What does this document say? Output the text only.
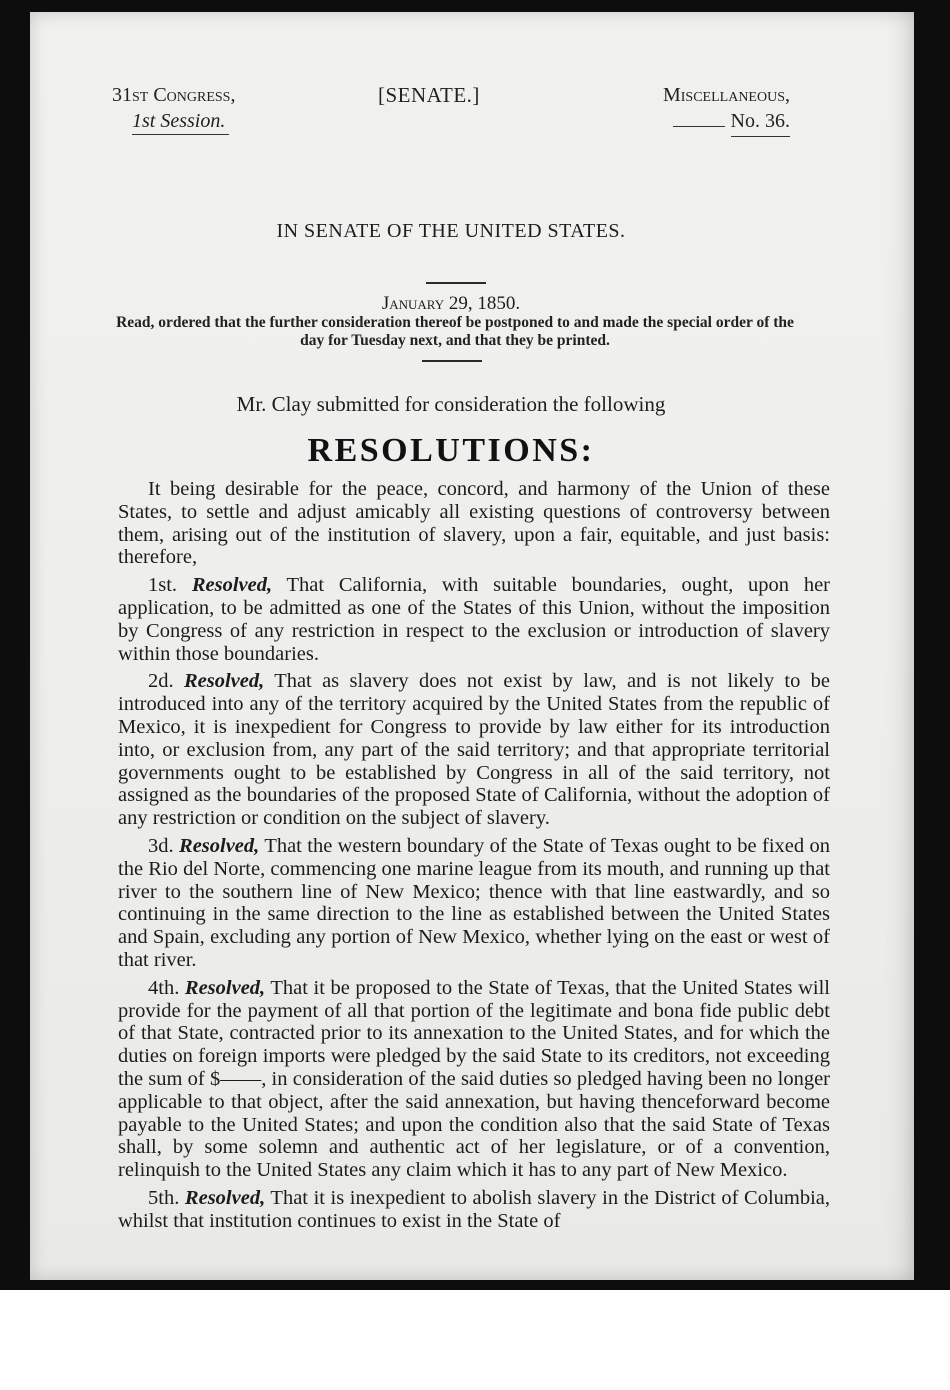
31st Congress,
1st Session.
[SENATE.]	Miscellaneous,
No. 36.
IN SENATE OF THE UNITED STATES.
January 29, 1850.
Read, ordered that the further consideration thereof be postponed to and made the special order of the day for Tuesday next, and that they be printed.
Mr. Clay submitted for consideration the following
RESOLUTIONS:

It being desirable for the peace, concord, and harmony of the Union of these States, to settle and adjust amicably all existing questions of controversy between them, arising out of the institution of slavery, upon a fair, equitable, and just basis: therefore,

1st. Resolved, That California, with suitable boundaries, ought, upon her application, to be admitted as one of the States of this Union, without the imposition by Congress of any restriction in respect to the exclusion or introduction of slavery within those boundaries.

2d. Resolved, That as slavery does not exist by law, and is not likely to be introduced into any of the territory acquired by the United States from the republic of Mexico, it is inexpedient for Congress to provide by law either for its introduction into, or exclusion from, any part of the said territory; and that appropriate territorial governments ought to be established by Congress in all of the said territory, not assigned as the boundaries of the proposed State of California, without the adoption of any restriction or condition on the subject of slavery.

3d. Resolved, That the western boundary of the State of Texas ought to be fixed on the Rio del Norte, commencing one marine league from its mouth, and running up that river to the southern line of New Mexico; thence with that line eastwardly, and so continuing in the same direction to the line as established between the United States and Spain, excluding any portion of New Mexico, whether lying on the east or west of that river.

4th. Resolved, That it be proposed to the State of Texas, that the United States will provide for the payment of all that portion of the legitimate and bona fide public debt of that State, contracted prior to its annexation to the United States, and for which the duties on foreign imports were pledged by the said State to its creditors, not exceeding the sum of $——, in consideration of the said duties so pledged having been no longer applicable to that object, after the said annexation, but having thenceforward become payable to the United States; and upon the condition also that the said State of Texas shall, by some solemn and authentic act of her legislature, or of a convention, relinquish to the United States any claim which it has to any part of New Mexico.

5th. Resolved, That it is inexpedient to abolish slavery in the District of Columbia, whilst that institution continues to exist in the State of
